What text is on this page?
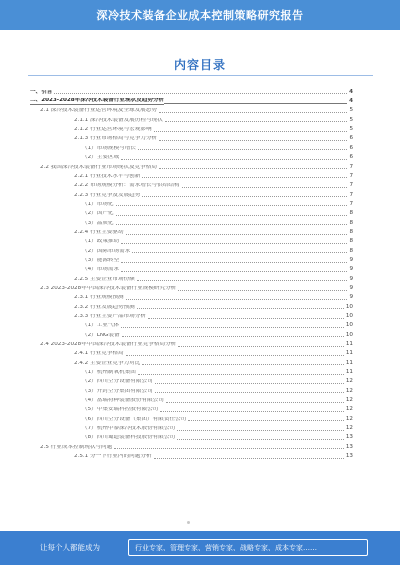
深冷技术装备企业成本控制策略研究报告
内容目录
一、引言	4
二、2023-2028年深冷技术装备行业现状及趋势分析	4
2.1 深冷技术装备行业运营环境及全球发展态势	5
2.1.1 深冷技术装备发展历程与现状	5
2.1.2 行业运营环境与宏观影响	5
2.1.3 行业市场格局与竞争力分析	6
（1）市场规模与增长	6
（2）主要区域	6
2.2 我国深冷技术装备行业市场现状及竞争格局	7
2.2.1 行业技术水平与创新	7
2.2.2 市场规模分析：需求增长与供给结构	7
2.2.3 行业竞争及发展趋势	7
（1）市场化	7
（2）国产化	8
（3）品质化	8
2.2.4 行业主要驱动	8
（1）政策推动	8
（2）国际市场需求	8
（3）能源转型	9
（4）市场需求	9
2.2.5 主要企业市场份额	9
2.3 2023-2028年中国深冷技术装备行业规模研究分析	9
2.3.1 行业规模预测	9
2.3.2 行业发展趋势预测	10
2.3.3 行业主要产品市场分析	10
（1）工业气体	10
（2）LNG装备	10
2.4 2023-2028年中国深冷技术装备行业竞争格局分析	11
2.4.1 行业竞争格局	11
2.4.2 主要企业竞争力对比	11
（1）杭州制氧机集团	11
（2）四川空分设备有限公司	12
（3）开封空分集团有限公司	12
（4）富瑞特种装备股份有限公司	12
（5）中集安瑞科控股有限公司	12
（6）四川空分设备（集团）有限责任公司	12
（7）杭州中泰深冷技术股份有限公司	12
（8）四川蜀道装备科技股份有限公司	13
2.5 行业成本控制现状与问题	13
2.5.1 分一下行业内的问题分析	13
让每个人都能成为	行业专家、管理专家、营销专家、战略专家、成本专家……
